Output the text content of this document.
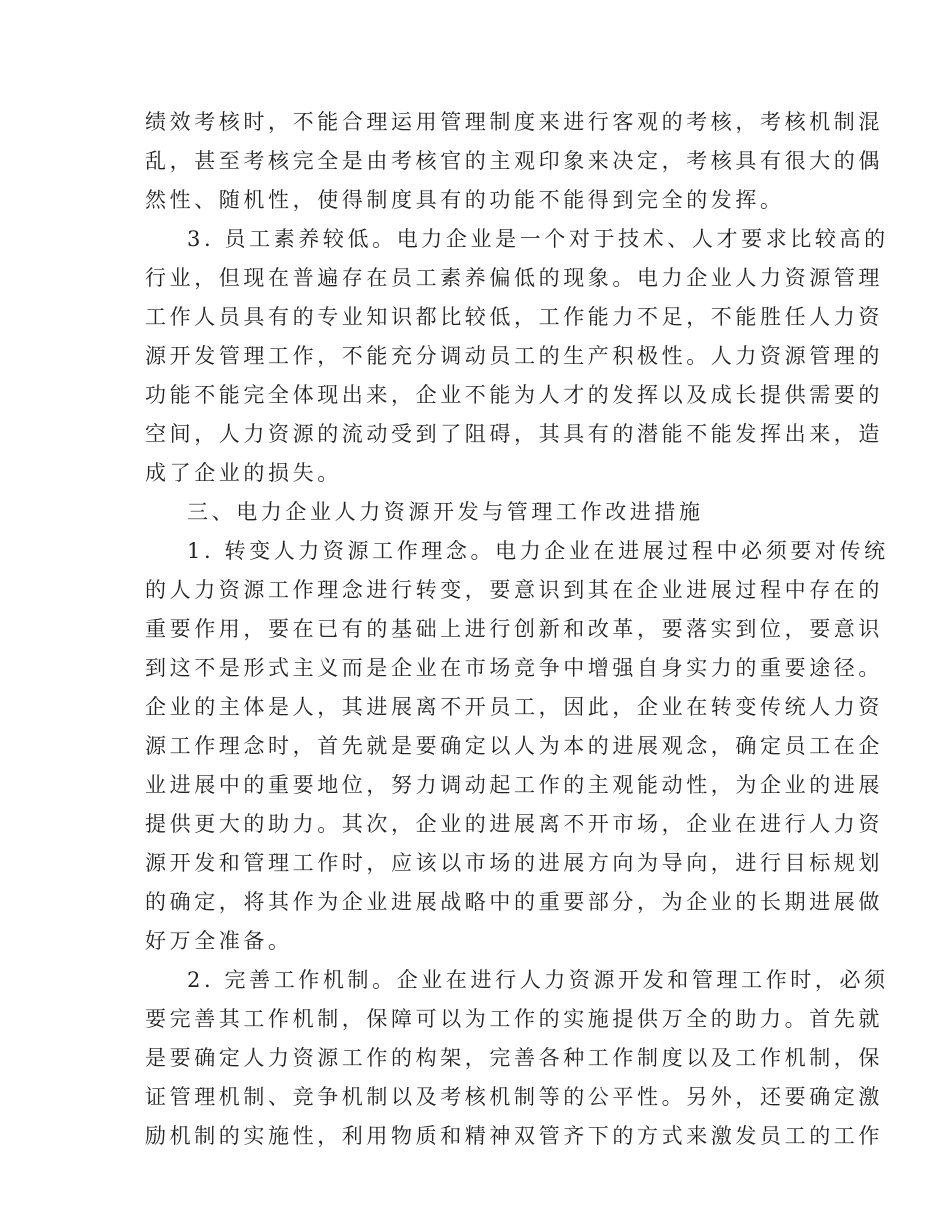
绩效考核时，不能合理运用管理制度来进行客观的考核，考核机制混
乱，甚至考核完全是由考核官的主观印象来决定，考核具有很大的偶
然性、随机性，使得制度具有的功能不能得到完全的发挥。
3. 员工素养较低。电力企业是一个对于技术、人才要求比较高的
行业，但现在普遍存在员工素养偏低的现象。电力企业人力资源管理
工作人员具有的专业知识都比较低，工作能力不足，不能胜任人力资
源开发管理工作，不能充分调动员工的生产积极性。人力资源管理的
功能不能完全体现出来，企业不能为人才的发挥以及成长提供需要的
空间，人力资源的流动受到了阻碍，其具有的潜能不能发挥出来，造
成了企业的损失。
三、电力企业人力资源开发与管理工作改进措施
1. 转变人力资源工作理念。电力企业在进展过程中必须要对传统
的人力资源工作理念进行转变，要意识到其在企业进展过程中存在的
重要作用，要在已有的基础上进行创新和改革，要落实到位，要意识
到这不是形式主义而是企业在市场竞争中增强自身实力的重要途径。
企业的主体是人，其进展离不开员工，因此，企业在转变传统人力资
源工作理念时，首先就是要确定以人为本的进展观念，确定员工在企
业进展中的重要地位，努力调动起工作的主观能动性，为企业的进展
提供更大的助力。其次，企业的进展离不开市场，企业在进行人力资
源开发和管理工作时，应该以市场的进展方向为导向，进行目标规划
的确定，将其作为企业进展战略中的重要部分，为企业的长期进展做
好万全准备。
2. 完善工作机制。企业在进行人力资源开发和管理工作时，必须
要完善其工作机制，保障可以为工作的实施提供万全的助力。首先就
是要确定人力资源工作的构架，完善各种工作制度以及工作机制，保
证管理机制、竞争机制以及考核机制等的公平性。另外，还要确定激
励机制的实施性，利用物质和精神双管齐下的方式来激发员工的工作
